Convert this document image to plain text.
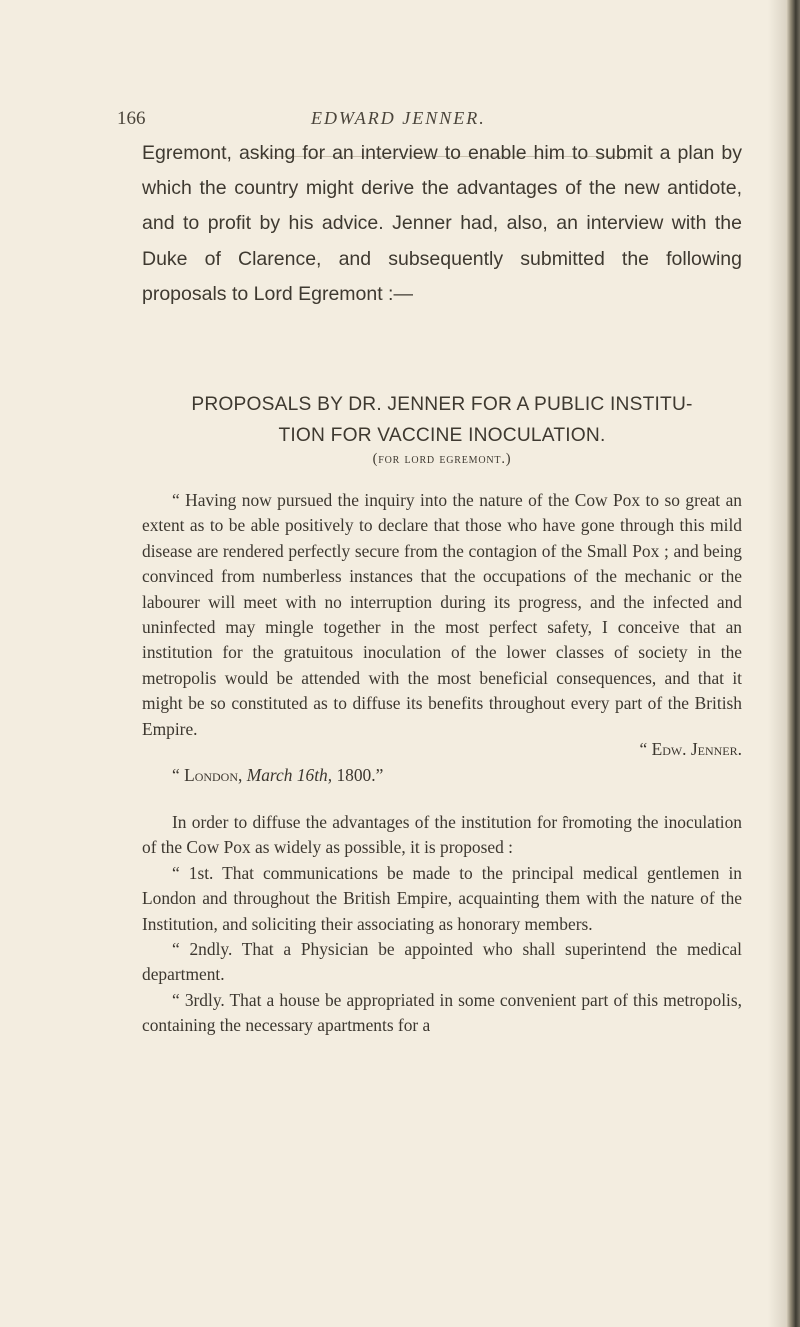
166	EDWARD JENNER.
Egremont, asking for an interview to enable him to submit a plan by which the country might derive the advantages of the new antidote, and to profit by his advice. Jenner had, also, an interview with the Duke of Clarence, and subsequently submitted the following proposals to Lord Egremont :—
PROPOSALS BY DR. JENNER FOR A PUBLIC INSTITU-
TION FOR VACCINE INOCULATION.
(for lord egremont.)

“ Having now pursued the inquiry into the nature of the Cow Pox to so great an extent as to be able positively to declare that those who have gone through this mild disease are rendered perfectly secure from the contagion of the Small Pox ; and being convinced from numberless instances that the occupations of the mechanic or the labourer will meet with no interruption during its progress, and the infected and uninfected may mingle together in the most perfect safety, I conceive that an institution for the gratuitous inoculation of the lower classes of society in the metropolis would be attended with the most beneficial consequences, and that it might be so constituted as to diffuse its benefits throughout every part of the British Empire.

“ Edw. Jenner.
“ London, March 16th, 1800.”

In order to diffuse the advantages of the institution for ȓromoting the inoculation of the Cow Pox as widely as possible, it is proposed :

“ 1st. That communications be made to the principal medical gentlemen in London and throughout the British Empire, acquainting them with the nature of the Institution, and soliciting their associating as honorary members.

“ 2ndly. That a Physician be appointed who shall superintend the medical department.

“ 3rdly. That a house be appropriated in some convenient part of this metropolis, containing the necessary apartments for a
